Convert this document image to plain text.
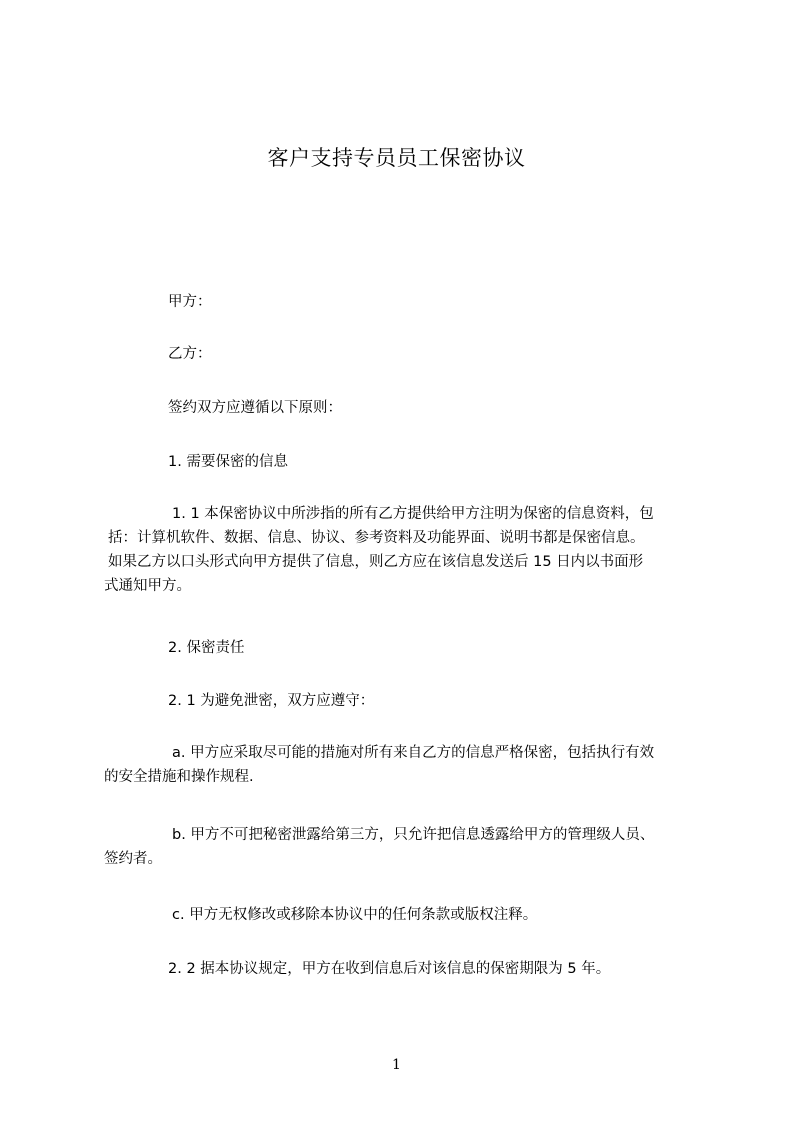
客户支持专员员工保密协议
甲方：
乙方：
签约双方应遵循以下原则：
1. 需要保密的信息
1. 1 本保密协议中所涉指的所有乙方提供给甲方注明为保密的信息资料，包
括：计算机软件、数据、信息、协议、参考资料及功能界面、说明书都是保密信息。
如果乙方以口头形式向甲方提供了信息，则乙方应在该信息发送后 15 日内以书面形
式通知甲方。
2. 保密责任
2. 1 为避免泄密，双方应遵守：
a. 甲方应采取尽可能的措施对所有来自乙方的信息严格保密，包括执行有效
的安全措施和操作规程.
b. 甲方不可把秘密泄露给第三方，只允许把信息透露给甲方的管理级人员、
签约者。
c. 甲方无权修改或移除本协议中的任何条款或版权注释。
2. 2 据本协议规定，甲方在收到信息后对该信息的保密期限为 5 年。
1
